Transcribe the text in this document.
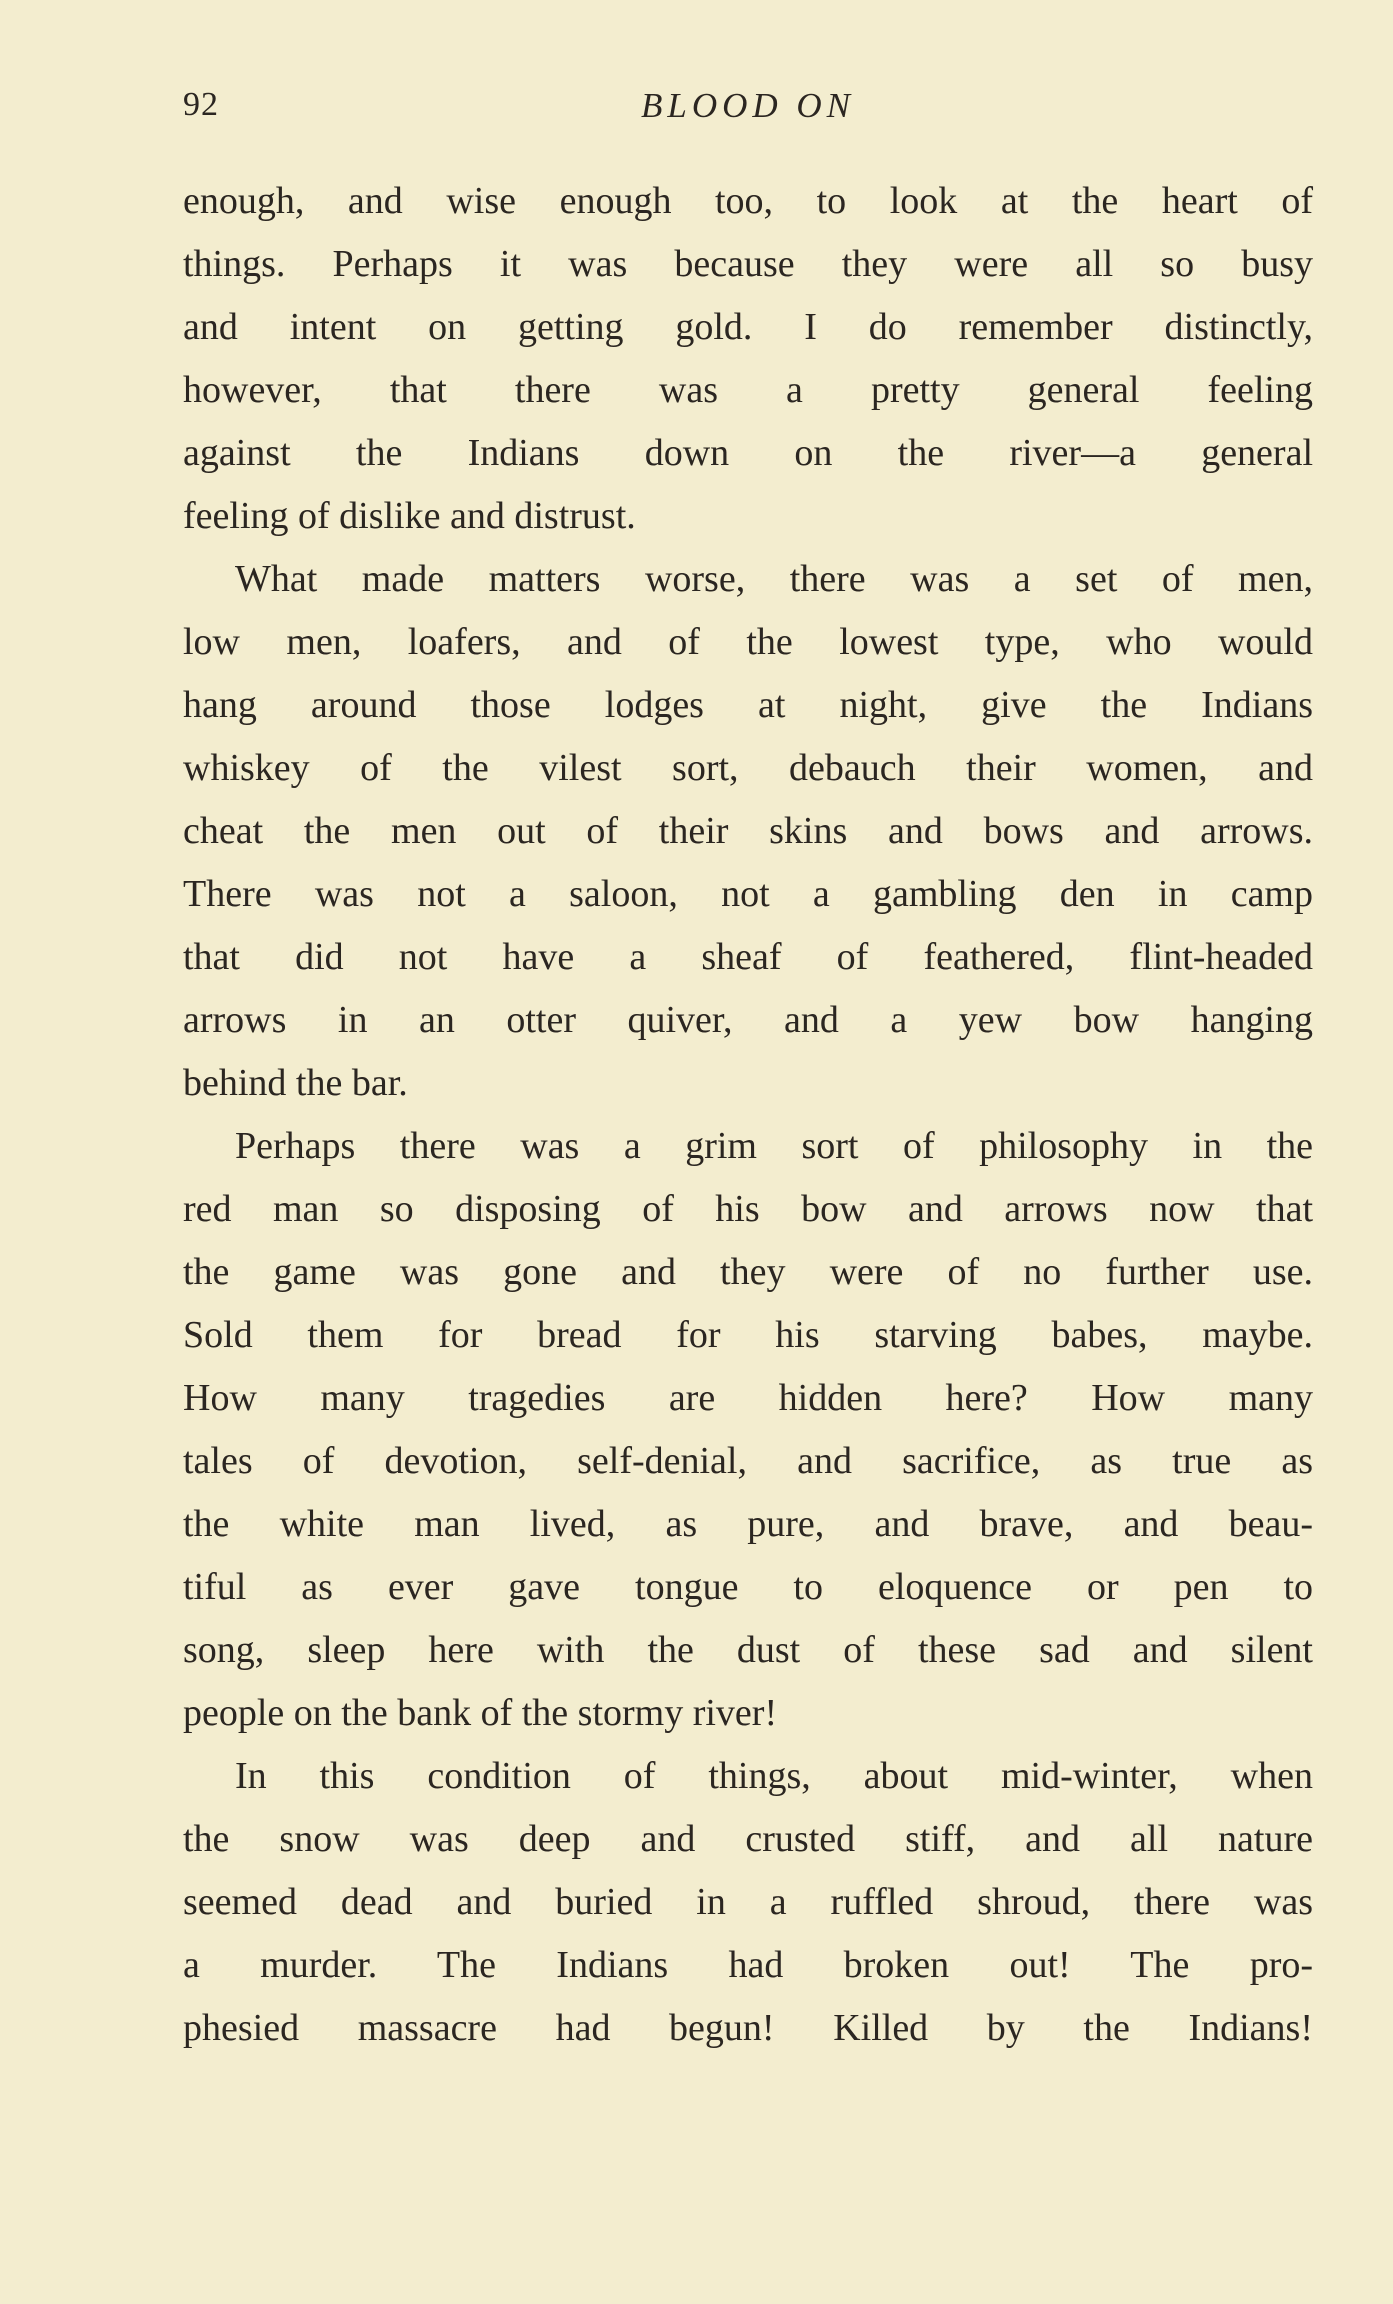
92	BLOOD ON
enough, and wise enough too, to look at the heart of
things. Perhaps it was because they were all so busy
and intent on getting gold. I do remember distinctly,
however, that there was a pretty general feeling
against the Indians down on the river—a general
feeling of dislike and distrust.
What made matters worse, there was a set of men,
low men, loafers, and of the lowest type, who would
hang around those lodges at night, give the Indians
whiskey of the vilest sort, debauch their women, and
cheat the men out of their skins and bows and arrows.
There was not a saloon, not a gambling den in camp
that did not have a sheaf of feathered, flint-headed
arrows in an otter quiver, and a yew bow hanging
behind the bar.
Perhaps there was a grim sort of philosophy in the
red man so disposing of his bow and arrows now that
the game was gone and they were of no further use.
Sold them for bread for his starving babes, maybe.
How many tragedies are hidden here? How many
tales of devotion, self-denial, and sacrifice, as true as
the white man lived, as pure, and brave, and beau-
tiful as ever gave tongue to eloquence or pen to
song, sleep here with the dust of these sad and silent
people on the bank of the stormy river!
In this condition of things, about mid-winter, when
the snow was deep and crusted stiff, and all nature
seemed dead and buried in a ruffled shroud, there was
a murder. The Indians had broken out! The pro-
phesied massacre had begun! Killed by the Indians!
